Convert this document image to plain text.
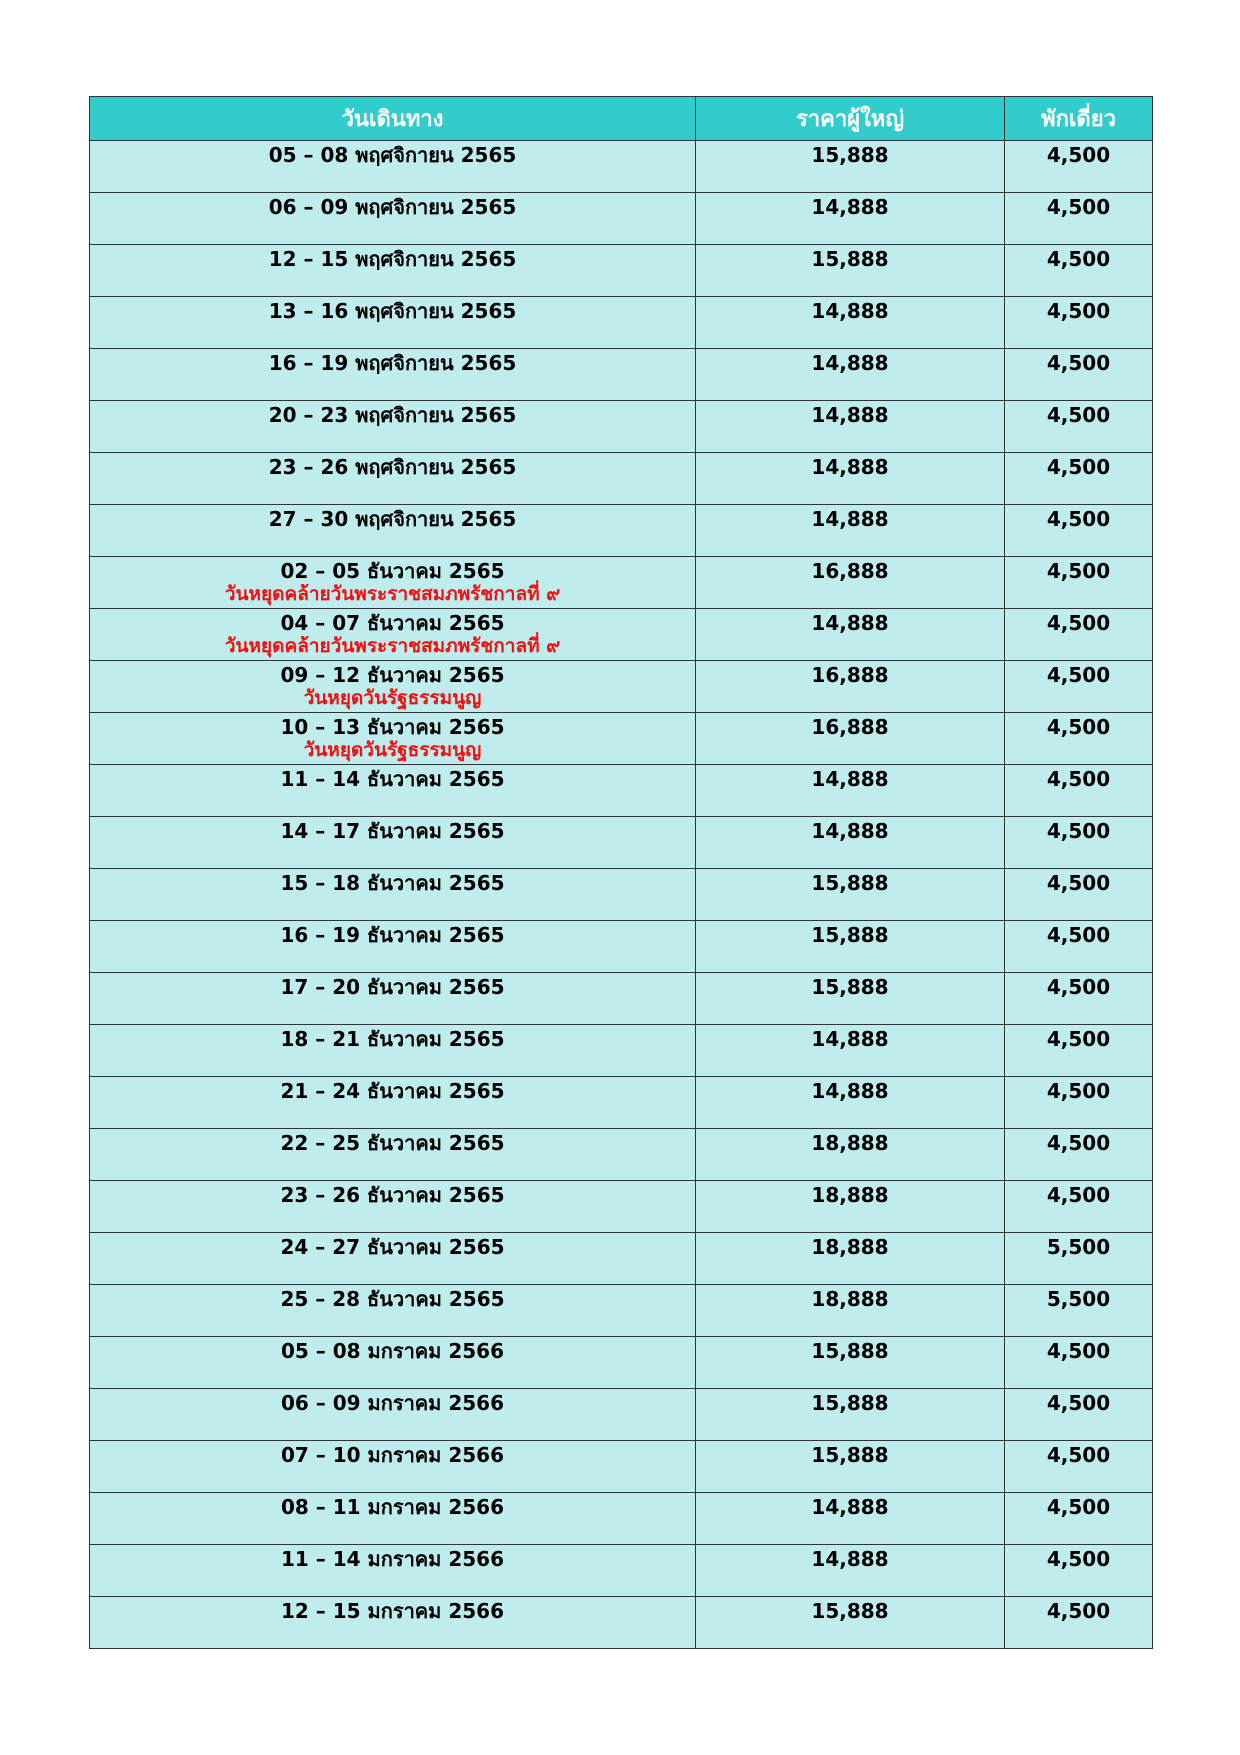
วันเดินทาง	ราคาผู้ใหญ่	พักเดี่ยว
05 – 08 พฤศจิกายน 2565	15,888	4,500
06 – 09 พฤศจิกายน 2565	14,888	4,500
12 – 15 พฤศจิกายน 2565	15,888	4,500
13 – 16 พฤศจิกายน 2565	14,888	4,500
16 – 19 พฤศจิกายน 2565	14,888	4,500
20 – 23 พฤศจิกายน 2565	14,888	4,500
23 – 26 พฤศจิกายน 2565	14,888	4,500
27 – 30 พฤศจิกายน 2565	14,888	4,500
02 – 05 ธันวาคม 2565
วันหยุดคล้ายวันพระราชสมภพรัชกาลที่ ๙	16,888	4,500
04 – 07 ธันวาคม 2565
วันหยุดคล้ายวันพระราชสมภพรัชกาลที่ ๙	14,888	4,500
09 – 12 ธันวาคม 2565
วันหยุดวันรัฐธรรมนูญ	16,888	4,500
10 – 13 ธันวาคม 2565
วันหยุดวันรัฐธรรมนูญ	16,888	4,500
11 – 14 ธันวาคม 2565	14,888	4,500
14 – 17 ธันวาคม 2565	14,888	4,500
15 – 18 ธันวาคม 2565	15,888	4,500
16 – 19 ธันวาคม 2565	15,888	4,500
17 – 20 ธันวาคม 2565	15,888	4,500
18 – 21 ธันวาคม 2565	14,888	4,500
21 – 24 ธันวาคม 2565	14,888	4,500
22 – 25 ธันวาคม 2565	18,888	4,500
23 – 26 ธันวาคม 2565	18,888	4,500
24 – 27 ธันวาคม 2565	18,888	5,500
25 – 28 ธันวาคม 2565	18,888	5,500
05 – 08 มกราคม 2566	15,888	4,500
06 – 09 มกราคม 2566	15,888	4,500
07 – 10 มกราคม 2566	15,888	4,500
08 – 11 มกราคม 2566	14,888	4,500
11 – 14 มกราคม 2566	14,888	4,500
12 – 15 มกราคม 2566	15,888	4,500
